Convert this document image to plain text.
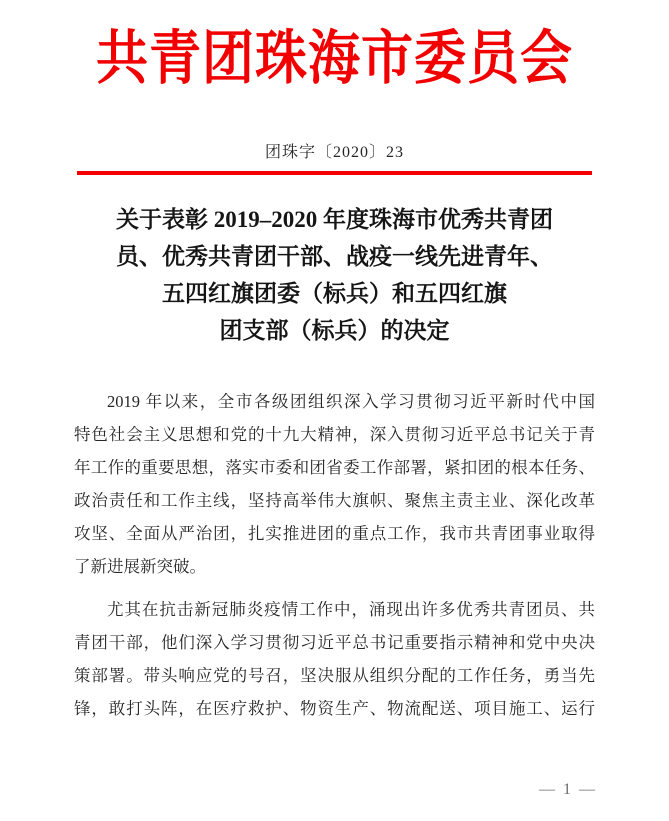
共青团珠海市委员会
团珠字〔2020〕23
关于表彰 2019–2020 年度珠海市优秀共青团
员、优秀共青团干部、战疫一线先进青年、
五四红旗团委（标兵）和五四红旗
团支部（标兵）的决定
2019 年以来，全市各级团组织深入学习贯彻习近平新时代中国
特色社会主义思想和党的十九大精神，深入贯彻习近平总书记关于青
年工作的重要思想，落实市委和团省委工作部署，紧扣团的根本任务、
政治责任和工作主线，坚持高举伟大旗帜、聚焦主责主业、深化改革
攻坚、全面从严治团，扎实推进团的重点工作，我市共青团事业取得
了新进展新突破。
尤其在抗击新冠肺炎疫情工作中，涌现出许多优秀共青团员、共
青团干部，他们深入学习贯彻习近平总书记重要指示精神和党中央决
策部署。带头响应党的号召，坚决服从组织分配的工作任务，勇当先
锋，敢打头阵，在医疗救护、物资生产、物流配送、项目施工、运行
— 1 —
